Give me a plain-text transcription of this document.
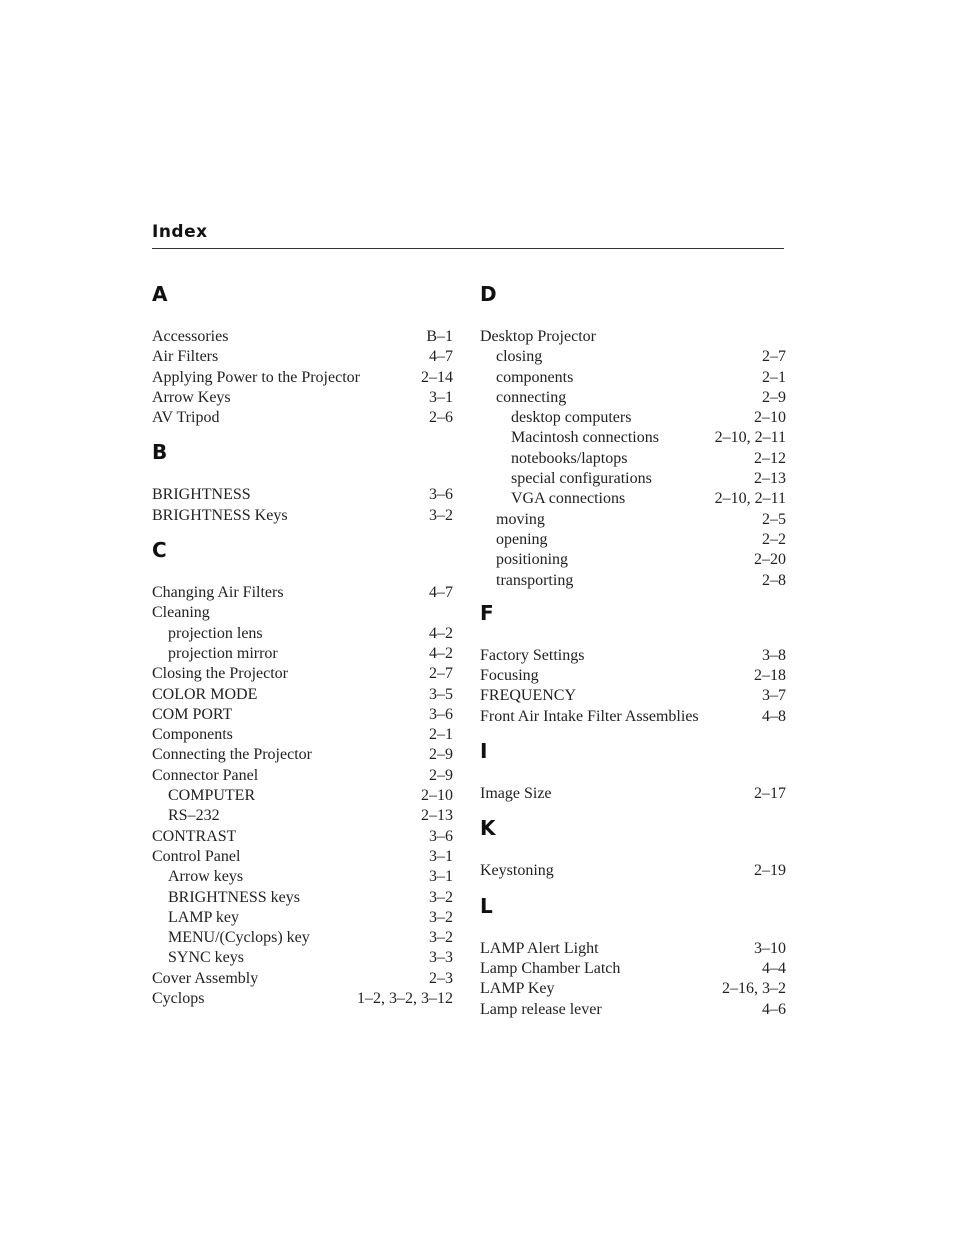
Index
A
Accessories	B–1
Air Filters	4–7
Applying Power to the Projector	2–14
Arrow Keys	3–1
AV Tripod	2–6
B
BRIGHTNESS	3–6
BRIGHTNESS Keys	3–2
C
Changing Air Filters	4–7
Cleaning
projection lens	4–2
projection mirror	4–2
Closing the Projector	2–7
COLOR MODE	3–5
COM PORT	3–6
Components	2–1
Connecting the Projector	2–9
Connector Panel	2–9
COMPUTER	2–10
RS–232	2–13
CONTRAST	3–6
Control Panel	3–1
Arrow keys	3–1
BRIGHTNESS keys	3–2
LAMP key	3–2
MENU/(Cyclops) key	3–2
SYNC keys	3–3
Cover Assembly	2–3
Cyclops	1–2, 3–2, 3–12
D
Desktop Projector
closing	2–7
components	2–1
connecting	2–9
desktop computers	2–10
Macintosh connections	2–10, 2–11
notebooks/laptops	2–12
special configurations	2–13
VGA connections	2–10, 2–11
moving	2–5
opening	2–2
positioning	2–20
transporting	2–8
F
Factory Settings	3–8
Focusing	2–18
FREQUENCY	3–7
Front Air Intake Filter Assemblies	4–8
I
Image Size	2–17
K
Keystoning	2–19
L
LAMP Alert Light	3–10
Lamp Chamber Latch	4–4
LAMP Key	2–16, 3–2
Lamp release lever	4–6
